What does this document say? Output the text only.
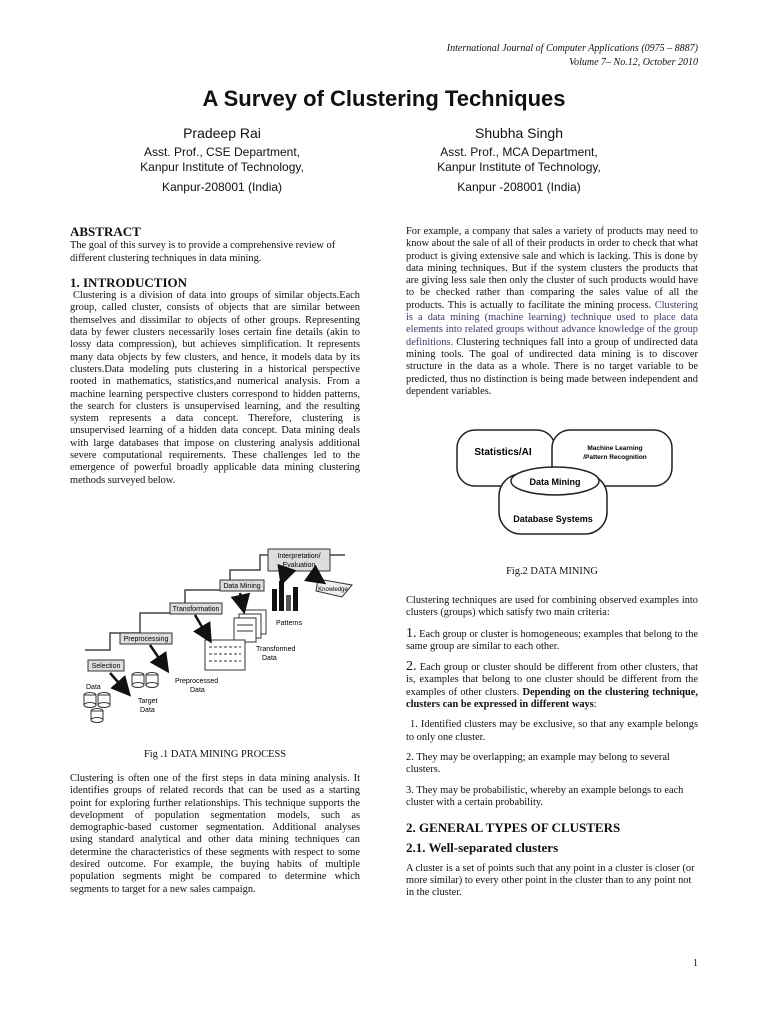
International Journal of Computer Applications (0975 – 8887)
Volume 7– No.12, October 2010
A Survey of Clustering Techniques
Pradeep Rai
Asst. Prof., CSE Department,
Kanpur Institute of Technology,
Kanpur-208001 (India)
Shubha Singh
Asst. Prof., MCA Department,
Kanpur Institute of Technology,
Kanpur -208001 (India)
ABSTRACT

The goal of this survey is to provide a comprehensive review of different clustering techniques in data mining.

1. INTRODUCTION

Clustering is a division of data into groups of similar objects.Each group, called cluster, consists of objects that are similar between themselves and dissimilar to objects of other groups. Representing data by fewer clusters necessarily loses certain fine details (akin to lossy data compression), but achieves simplification. It represents many data objects by few clusters, and hence, it models data by its clusters.Data modeling puts clustering in a historical perspective rooted in mathematics, statistics,and numerical analysis. From a machine learning perspective clusters correspond to hidden patterns, the search for clusters is unsupervised learning, and the resulting system represents a data concept. Therefore, clustering is unsupervised learning of a hidden data concept. Data mining deals with large databases that impose on clustering analysis additional severe computational requirements. These challenges led to the emergence of powerful broadly applicable data mining clustering methods surveyed below.

Interpretation/
Evaluation
Data Mining
Transformation
Preprocessing
Selection
Knowledge
Patterns
Transformed
Data
Preprocessed
Data
Target
Data
Data
Fig .1 DATA MINING PROCESS

Clustering is often one of the first steps in data mining analysis. It identifies groups of related records that can be used as a starting point for exploring further relationships. This technique supports the development of population segmentation models, such as demographic-based customer segmentation. Additional analyses using standard analytical and other data mining techniques can determine the characteristics of these segments with respect to some desired outcome. For example, the buying habits of multiple population segments might be compared to determine which segments to target for a new sales campaign.

For example, a company that sales a variety of products may need to know about the sale of all of their products in order to check that what product is giving extensive sale and which is lacking. This is done by data mining techniques. But if the system clusters the products that are giving less sale then only the cluster of such products would have to be checked rather than comparing the sales value of all the products. This is actually to facilitate the mining process. Clustering is a data mining (machine learning) technique used to place data elements into related groups without advance knowledge of the group definitions. Clustering techniques fall into a group of undirected data mining tools. The goal of undirected data mining is to discover structure in the data as a whole. There is no target variable to be predicted, thus no distinction is being made between independent and dependent variables.

Statistics/AI	Machine Learning
/Pattern Recognition
Data Mining
Database Systems
Fig.2 DATA MINING

Clustering techniques are used for combining observed examples into clusters (groups) which satisfy two main criteria:

1. Each group or cluster is homogeneous; examples that belong to the same group are similar to each other.

2. Each group or cluster should be different from other clusters, that is, examples that belong to one cluster should be different from the examples of other clusters. Depending on the clustering technique, clusters can be expressed in different ways:

1. Identified clusters may be exclusive, so that any example belongs to only one cluster.

2. They may be overlapping; an example may belong to several clusters.

3. They may be probabilistic, whereby an example belongs to each cluster with a certain probability.

2. GENERAL TYPES OF CLUSTERS
2.1. Well-separated clusters

A cluster is a set of points such that any point in a cluster is closer (or more similar) to every other point in the cluster than to any point not in the cluster.

1
